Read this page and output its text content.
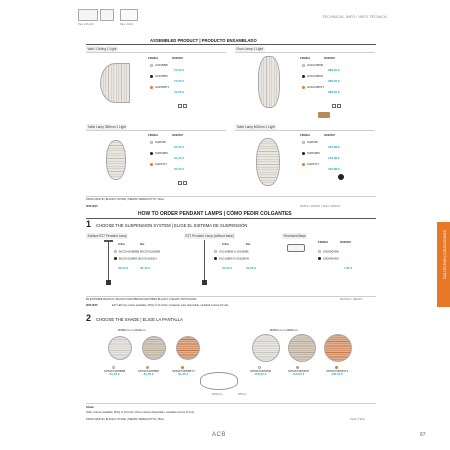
Pag. 216-219	Pag. 24-39
TECHNICAL INFO / INFO TÉCNICA
ASSEMBLED PRODUCT | PRODUCTO ENSAMBLADO
Wall / Ceiling 1 Light
FINISH	ON/OFF
A3105BB
72,55 €
A3105BN
72,55 €
A3105BTJ
72,55 €
Floor Lamp 1 Light
FINISH	ON/OFF
H3104380B
288,25 €
H3104380N
288,25 €
H3104380TJ
288,25 €
Table Lamp 380mm 1 Light
FINISH	ON/OFF
S3054B
91,25 €
S3054BN
91,25 €
S3054TJ
91,25 €
Table Lamp 600mm 1 Light
FINISH	ON/OFF
S3054B
106,88 €
S3054BN
106,88 €
S3054TJ
106,88 €
FINISH WHITE | BLANCO STONE | PIEDRA TERRACOTTA | TEJA
WHITE / ADRIVO | TEJA / ADRIVO
IP20 IK05
HOW TO ORDER PENDANT LAMPS | CÓMO PEDIR COLGANTES
1 CHOOSE THE SUSPENSION SYSTEM | ELIGE EL SISTEMA DE SUSPENSIÓN
Surface E27 Pendant Lamp
2,5m	6m
BICON1080BB BICON1081BB
BICON1080N BICON1081N
39,00 €	56,40 €
E27 Pendant Lamp (without base)
2,5m	6m
K1010B0B K1010B0B
K1010B0N K1010B0N
25,05 €	34,25 €
Recessed Base
FINISH	ON/OFF
K0000045B
K0000045N
7,90 €
BF ENTOBRE BLANCO | BLANCO ENTOBRADO ENTOBRE BLANCO | NEGRO TEXTURADO	BLANCO / NEGRO
IP20 IK05	E27 LED Any colour available, MOQ of 10 Units | Cualquier color disponible, cantidad mínima 10 Uds.
2 CHOOSE THE SHADE | ELIGE LA PANTALLA
Ø380mm x H340mm	Ø450mm x H380mm

SPMAT3D55BB
81,35 €

SPMAT3D55BP
81,35 €

SPMAT3D55BTJ
81,35 €

SPMAT3D545B
106,00 €

SPMAT3D545P
106,00 €

SPMAT3D545TJ
106,00 €
380mm
Ø450mm
Shade
Other colours available, MOQ of 10 Units | Otros colores disponibles, cantidad mínima 10 Uds.
FINISH WHITE | BLANCO STONE | PIEDRA TERRACOTTA | TEJA	TEJA | TEJA
COLLECTION | COLECCIONES
ACB	87
